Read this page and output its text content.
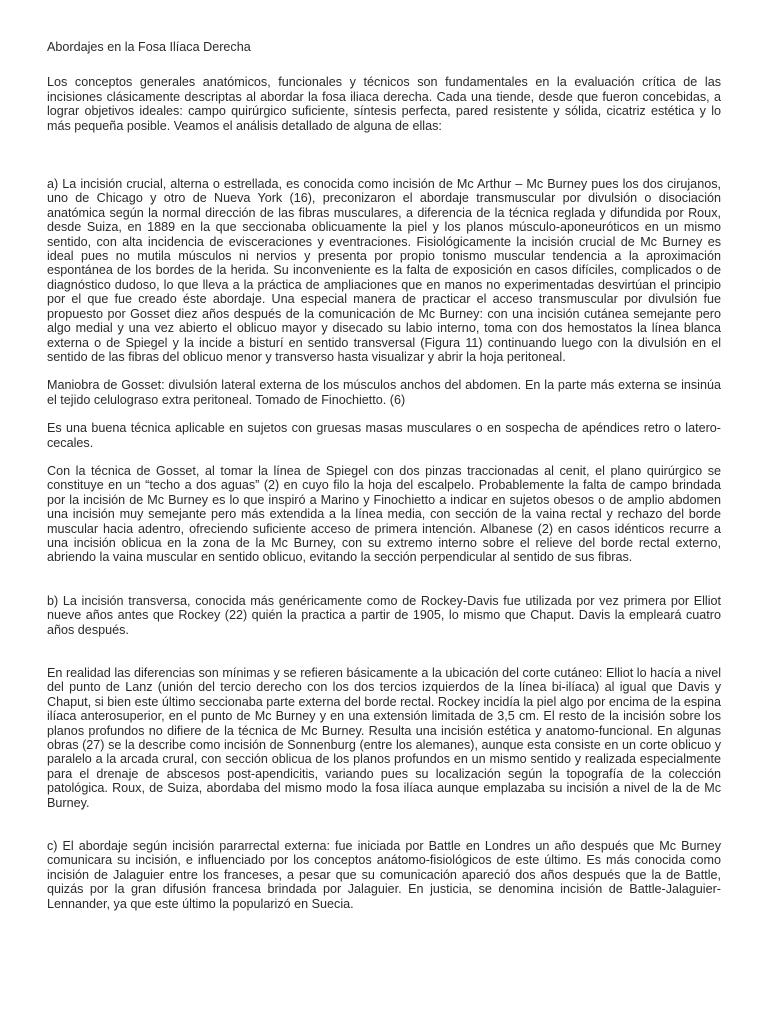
Abordajes en la Fosa Ilíaca Derecha

Los conceptos generales anatómicos, funcionales y técnicos son fundamentales en la evaluación crítica de las incisiones clásicamente descriptas al abordar la fosa iliaca derecha. Cada una tiende, desde que fueron concebidas, a lograr objetivos ideales: campo quirúrgico suficiente, síntesis perfecta, pared resistente y sólida, cicatriz estética y lo más pequeña posible. Veamos el análisis detallado de alguna de ellas:

a) La incisión crucial, alterna o estrellada, es conocida como incisión de Mc Arthur – Mc Burney pues los dos cirujanos, uno de Chicago y otro de Nueva York (16), preconizaron el abordaje transmuscular por divulsión o disociación anatómica según la normal dirección de las fibras musculares, a diferencia de la técnica reglada y difundida por Roux, desde Suiza, en 1889 en la que seccionaba oblicuamente la piel y los planos músculo-aponeuróticos en un mismo sentido, con alta incidencia de evisceraciones y eventraciones. Fisiológicamente la incisión crucial de Mc Burney es ideal pues no mutila músculos ni nervios y presenta por propio tonismo muscular tendencia a la aproximación espontánea de los bordes de la herida. Su inconveniente es la falta de exposición en casos difíciles, complicados o de diagnóstico dudoso, lo que lleva a la práctica de ampliaciones que en manos no experimentadas desvirtúan el principio por el que fue creado éste abordaje. Una especial manera de practicar el acceso transmuscular por divulsión fue propuesto por Gosset diez años después de la comunicación de Mc Burney: con una incisión cutánea semejante pero algo medial y una vez abierto el oblicuo mayor y disecado su labio interno, toma con dos hemostatos la línea blanca externa o de Spiegel y la incide a bisturí en sentido transversal (Figura 11) continuando luego con la divulsión en el sentido de las fibras del oblicuo menor y transverso hasta visualizar y abrir la hoja peritoneal.

Maniobra de Gosset: divulsión lateral externa de los músculos anchos del abdomen. En la parte más externa se insinúa el tejido celulograso extra peritoneal. Tomado de Finochietto. (6)

Es una buena técnica aplicable en sujetos con gruesas masas musculares o en sospecha de apéndices retro o latero-cecales.

Con la técnica de Gosset, al tomar la línea de Spiegel con dos pinzas traccionadas al cenit, el plano quirúrgico se constituye en un “techo a dos aguas” (2) en cuyo filo la hoja del escalpelo. Probablemente la falta de campo brindada por la incisión de Mc Burney es lo que inspiró a Marino y Finochietto a indicar en sujetos obesos o de amplio abdomen una incisión muy semejante pero más extendida a la línea media, con sección de la vaina rectal y rechazo del borde muscular hacia adentro, ofreciendo suficiente acceso de primera intención. Albanese (2) en casos idénticos recurre a una incisión oblicua en la zona de la Mc Burney, con su extremo interno sobre el relieve del borde rectal externo, abriendo la vaina muscular en sentido oblicuo, evitando la sección perpendicular al sentido de sus fibras.

b) La incisión transversa, conocida más genéricamente como de Rockey-Davis fue utilizada por vez primera por Elliot nueve años antes que Rockey (22) quién la practica a partir de 1905, lo mismo que Chaput. Davis la empleará cuatro años después.

En realidad las diferencias son mínimas y se refieren básicamente a la ubicación del corte cutáneo: Elliot lo hacía a nivel del punto de Lanz (unión del tercio derecho con los dos tercios izquierdos de la línea bi-ilíaca) al igual que Davis y Chaput, si bien este último seccionaba parte externa del borde rectal. Rockey incidía la piel algo por encima de la espina ilíaca anterosuperior, en el punto de Mc Burney y en una extensión limitada de 3,5 cm. El resto de la incisión sobre los planos profundos no difiere de la técnica de Mc Burney. Resulta una incisión estética y anatomo-funcional. En algunas obras (27) se la describe como incisión de Sonnenburg (entre los alemanes), aunque esta consiste en un corte oblicuo y paralelo a la arcada crural, con sección oblicua de los planos profundos en un mismo sentido y realizada especialmente para el drenaje de abscesos post-apendicitis, variando pues su localización según la topografía de la colección patológica. Roux, de Suiza, abordaba del mismo modo la fosa ilíaca aunque emplazaba su incisión a nivel de la de Mc Burney.

c) El abordaje según incisión pararrectal externa: fue iniciada por Battle en Londres un año después que Mc Burney comunicara su incisión, e influenciado por los conceptos anátomo-fisiológicos de este último. Es más conocida como incisión de Jalaguier entre los franceses, a pesar que su comunicación apareció dos años después que la de Battle, quizás por la gran difusión francesa brindada por Jalaguier. En justicia, se denomina incisión de Battle-Jalaguier-Lennander, ya que este último la popularizó en Suecia.
